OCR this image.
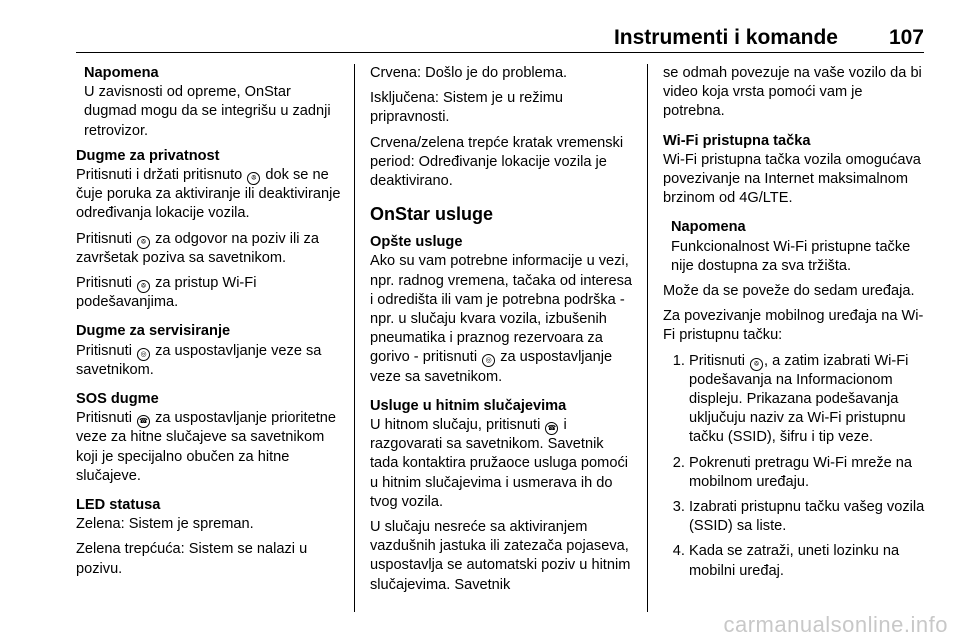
Instrumenti i komande 107
Napomena
U zavisnosti od opreme, OnStar dugmad mogu da se integrišu u zadnji retrovizor.
Dugme za privatnost

Pritisnuti i držati pritisnuto ꔮ dok se ne čuje poruka za aktiviranje ili deaktiviranje određivanja lokacije vozila.

Pritisnuti ꔮ za odgovor na poziv ili za završetak poziva sa savetnikom.

Pritisnuti ꔮ za pristup Wi-Fi podešavanjima.

Dugme za servisiranje

Pritisnuti ◎ za uspostavljanje veze sa savetnikom.

SOS dugme

Pritisnuti ☎ za uspostavljanje prioritetne veze za hitne slučajeve sa savetnikom koji je specijalno obučen za hitne slučajeve.

LED statusa

Zelena: Sistem je spreman.

Zelena trepćuća: Sistem se nalazi u pozivu.

Crvena: Došlo je do problema.

Isključena: Sistem je u režimu pripravnosti.

Crvena/zelena trepće kratak vremenski period: Određivanje lokacije vozila je deaktivirano.

OnStar usluge
Opšte usluge

Ako su vam potrebne informacije u vezi, npr. radnog vremena, tačaka od interesa i odredišta ili vam je potrebna podrška - npr. u slučaju kvara vozila, izbušenih pneumatika i praznog rezervoara za gorivo - pritisnuti ◎ za uspostavljanje veze sa savetnikom.

Usluge u hitnim slučajevima

U hitnom slučaju, pritisnuti ☎ i razgovarati sa savetnikom. Savetnik tada kontaktira pružaoce usluga pomoći u hitnim slučajevima i usmerava ih do tvog vozila.

U slučaju nesreće sa aktiviranjem vazdušnih jastuka ili zatezača pojaseva, uspostavlja se automatski poziv u hitnim slučajevima. Savetnik

se odmah povezuje na vaše vozilo da bi video koja vrsta pomoći vam je potrebna.

Wi-Fi pristupna tačka

Wi-Fi pristupna tačka vozila omogućava povezivanje na Internet maksimalnom brzinom od 4G/LTE.

Napomena
Funkcionalnost Wi-Fi pristupne tačke nije dostupna za sva tržišta.

Može da se poveže do sedam uređaja.

Za povezivanje mobilnog uređaja na Wi-Fi pristupnu tačku:

1. Pritisnuti ꔮ , a zatim izabrati Wi-Fi podešavanja na Informacionom displeju. Prikazana podešavanja uključuju naziv za Wi-Fi pristupnu tačku (SSID), šifru i tip veze.
2. Pokrenuti pretragu Wi-Fi mreže na mobilnom uređaju.
3. Izabrati pristupnu tačku vašeg vozila (SSID) sa liste.
4. Kada se zatraži, uneti lozinku na mobilni uređaj.
carmanualsonline.info
